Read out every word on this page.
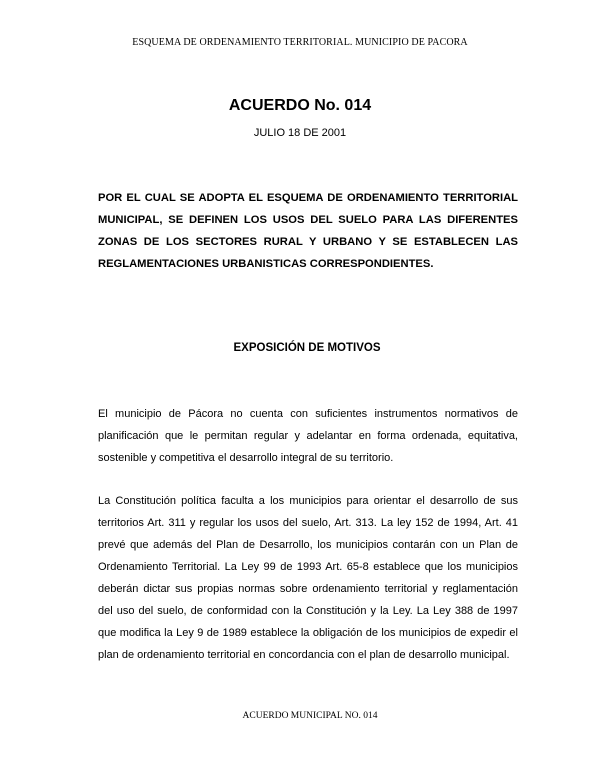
ESQUEMA DE ORDENAMIENTO TERRITORIAL. MUNICIPIO DE PACORA
ACUERDO No. 014
JULIO 18 DE 2001
POR EL CUAL SE ADOPTA EL ESQUEMA DE ORDENAMIENTO TERRITORIAL MUNICIPAL, SE DEFINEN LOS USOS DEL SUELO PARA LAS DIFERENTES ZONAS DE LOS SECTORES RURAL Y URBANO Y SE ESTABLECEN LAS REGLAMENTACIONES URBANISTICAS CORRESPONDIENTES.
EXPOSICIÓN DE MOTIVOS
El municipio de Pácora no cuenta con suficientes instrumentos normativos de planificación que le permitan regular y adelantar en forma ordenada, equitativa, sostenible y competitiva el desarrollo integral de su territorio.
La Constitución política faculta a los municipios para orientar el desarrollo de sus territorios Art. 311 y regular los usos del suelo, Art. 313. La ley 152 de 1994, Art. 41 prevé que además del Plan de Desarrollo, los municipios contarán con un Plan de Ordenamiento Territorial. La Ley 99 de 1993 Art. 65-8 establece que los municipios deberán dictar sus propias normas sobre ordenamiento territorial y reglamentación del uso del suelo, de conformidad con la Constitución y la Ley. La Ley 388 de 1997 que modifica la Ley 9 de 1989 establece la obligación de los municipios de expedir el plan de ordenamiento territorial en concordancia con el plan de desarrollo municipal.
ACUERDO MUNICIPAL NO. 014
